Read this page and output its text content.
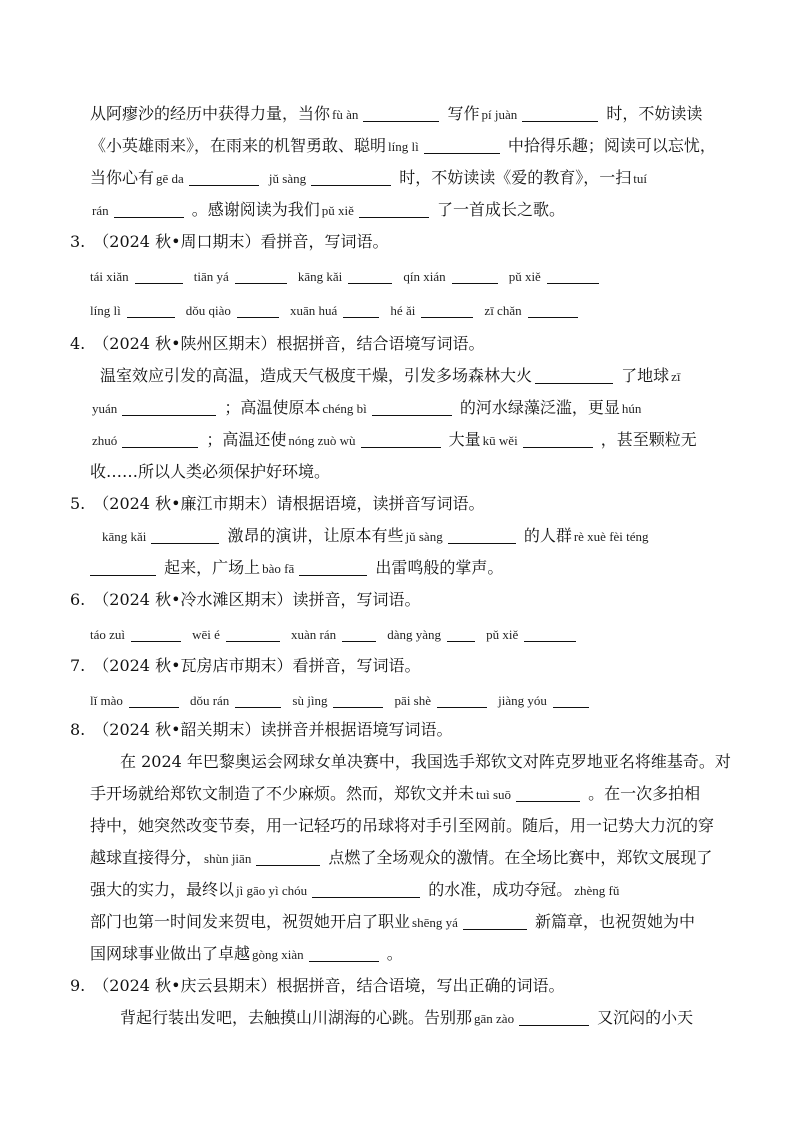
从阿瘳沙的经历中获得力量，当你 fù àn	写作 pí juàn	时，不妨读读
《小英雄雨来》，在雨来的机智勇敢、聪明 líng lì	中拾得乐趣；阅读可以忘忧，
当你心有 gē da	jǔ sàng	时，不妨读读《爱的教育》，一扫 tuí
rán	。感谢阅读为我们 pǔ xiě	了一首成长之歌。
3.　（2024 秋•周口期末）看拼音，写词语。
tái xiǎn	tiān yá	kāng kǎi	qín xián	pǔ xiě
líng lì	dǒu qiào	xuān huá	hé ǎi	zī chǎn
4.　（2024 秋•陕州区期末）根据拼音，结合语境写词语。
温室效应引发的高温，造成天气极度干燥，引发多场森林大火	了地球 zī
yuán	；高温使原本 chéng bì	的河水绿藻泛滥，更显 hún
zhuó	；高温还使 nóng zuò wù	大量 kū wěi	，甚至颗粒无
收……所以人类必须保护好环境。
5.　（2024 秋•廉江市期末）请根据语境，读拼音写词语。
kāng kǎi	激昂的演讲，让原本有些 jǔ sàng	的人群 rè xuè fèi téng
起来，广场上 bào fā	出雷鸣般的掌声。
6.　（2024 秋•冷水滩区期末）读拼音，写词语。
táo zuì	wēi é	xuàn rán	dàng yàng	pǔ xiě
7.　（2024 秋•瓦房店市期末）看拼音，写词语。
lǐ mào	dǒu rán	sù jìng	pāi shè	jiàng yóu
8.　（2024 秋•韶关期末）读拼音并根据语境写词语。
在 2024 年巴黎奥运会网球女单决赛中，我国选手郑钦文对阵克罗地亚名将维基奇。对
手开场就给郑钦文制造了不少麻烦。然而，郑钦文并未 tuì suō	。在一次多拍相
持中，她突然改变节奏，用一记轻巧的吊球将对手引至网前。随后，用一记势大力沉的穿
越球直接得分， shùn jiān	点燃了全场观众的激情。在全场比赛中，郑钦文展现了
强大的实力，最终以 jì gāo yì chóu	的水准，成功夺冠。 zhèng fǔ
部门也第一时间发来贺电，祝贺她开启了职业 shēng yá	新篇章，也祝贺她为中
国网球事业做出了卓越 gòng xiàn	。
9.　（2024 秋•庆云县期末）根据拼音，结合语境，写出正确的词语。
背起行装出发吧，去触摸山川湖海的心跳。告别那 gān zào	又沉闷的小天
